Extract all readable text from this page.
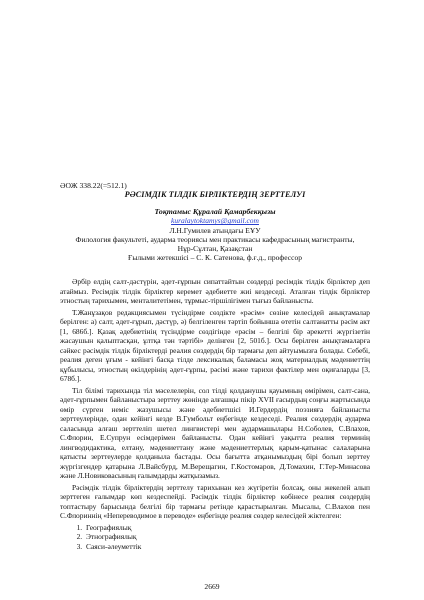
ӘОЖ 338.22(=512.1)
РӘСІМДІК ТІЛДІК БІРЛІКТЕРДІҢ ЗЕРТТЕЛУІ
Тоқтамыс Құралай Қамарбекқызы
kuralaytoktamys@gmail.com
Л.Н.Гумилев атындағы ЕҰУ
Филология факультеті, аударма теориясы мен практикасы кафедрасының магистранты,
Нұр-Сұлтан, Қазақстан
Ғылыми жетекшісі – С. К. Сатенова, ф.ғ.д., профессор

Әрбір елдің салт-дәстүрін, әдет-ғұрпын сипаттайтын сөздерді ресімдік тілдік бірліктер деп атаймыз. Ресімдік тілдік бірліктер керемет әдебиетте жиі кездеседі. Аталған тілдік бірліктер этностың тарихымен, менталитетімен, тұрмыс-тіршілігімен тығыз байланысты.

Т.Жанұзақов редакциясымен түсіндірме сөздікте «рәсім» сөзіне келесідей анықтамалар берілген: а) салт, әдет-ғұрып, дәстүр, ә) белгіленген тәртіп бойынша өтетін салтанатты рәсім акт [1, 686б.]. Қазақ әдебиетінің түсіндірме сөздігінде «рәсім – белгілі бір әрекетті жүргізетін жасаушын қалыптасқан, ұлтқа тән тәртібі» делінген [2, 501б.]. Осы берілген анықтамаларға сәйкес рәсімдік тілдік бірліктерді реалия сөздердің бір тармағы деп айтуымызға болады. Себебі, реалия деген ұғым - кейінгі басқа тілде лексикалық баламасы жоқ материалдық мәдениеттің құбылысы, этностың өкілдерінің әдет-ғұрпы, рәсімі және тарихи фактілер мен оқиғаларды [3, 678б.].

Тіл білімі тарихында тіл мәселелерін, сол тілді қолданушы қауымның өмірімен, салт-сана, әдет-ғұрпымен байланыстыра зерттеу жөнінде алғашқы пікір XVII ғасырдың соңғы жартысында өмір сүрген неміс жазушысы және әдебиетшісі И.Гердердің поэзияға байланысты зерттеулерінде, одан кейінгі кезде В.Гумбольт еңбегінде кездеседі. Реалия сөздердің аударма саласында алғаш зерттеліп шетел лингвистері мен аудармашылары Н.Соболев, С.Влахов, С.Флорин, Е.Супрун есімдерімен байланысты. Одан кейінгі уақытта реалия терминің лингводидактика, елтану, мәдениеттану және мәдениеттерлық қарым-қатынас салаларына қатысты зерттеулерде қолданыла бастады. Осы бағытта атқанымыздың бірі болып зерттеу жүргізгендер қатарына Л.Вайсбурд, М.Верещагин, Г.Костомаров, Д.Томахин, Г.Тер-Минасова және Л.Новиковасының ғалымдарды жатқызамыз.

Рәсімдік тілдік бірліктердің зерттелу тарихынан кез жүгіретін болсақ, оны жекелей алып зерттеген ғалымдар көп кездеспейді. Рәсімдік тілдік бірліктер көбінесе реалия сөздердің топтастыру барысында белгілі бір тармағы ретінде қарастырылған. Мысалы, С.Влахов пен С.Флориннің «Непереводимое в переводе» еңбегінде реалия сөздер келесідей жіктелген:

1. Географиялық
2. Этнографиялық
3. Саяси-әлеуметтік
2669
